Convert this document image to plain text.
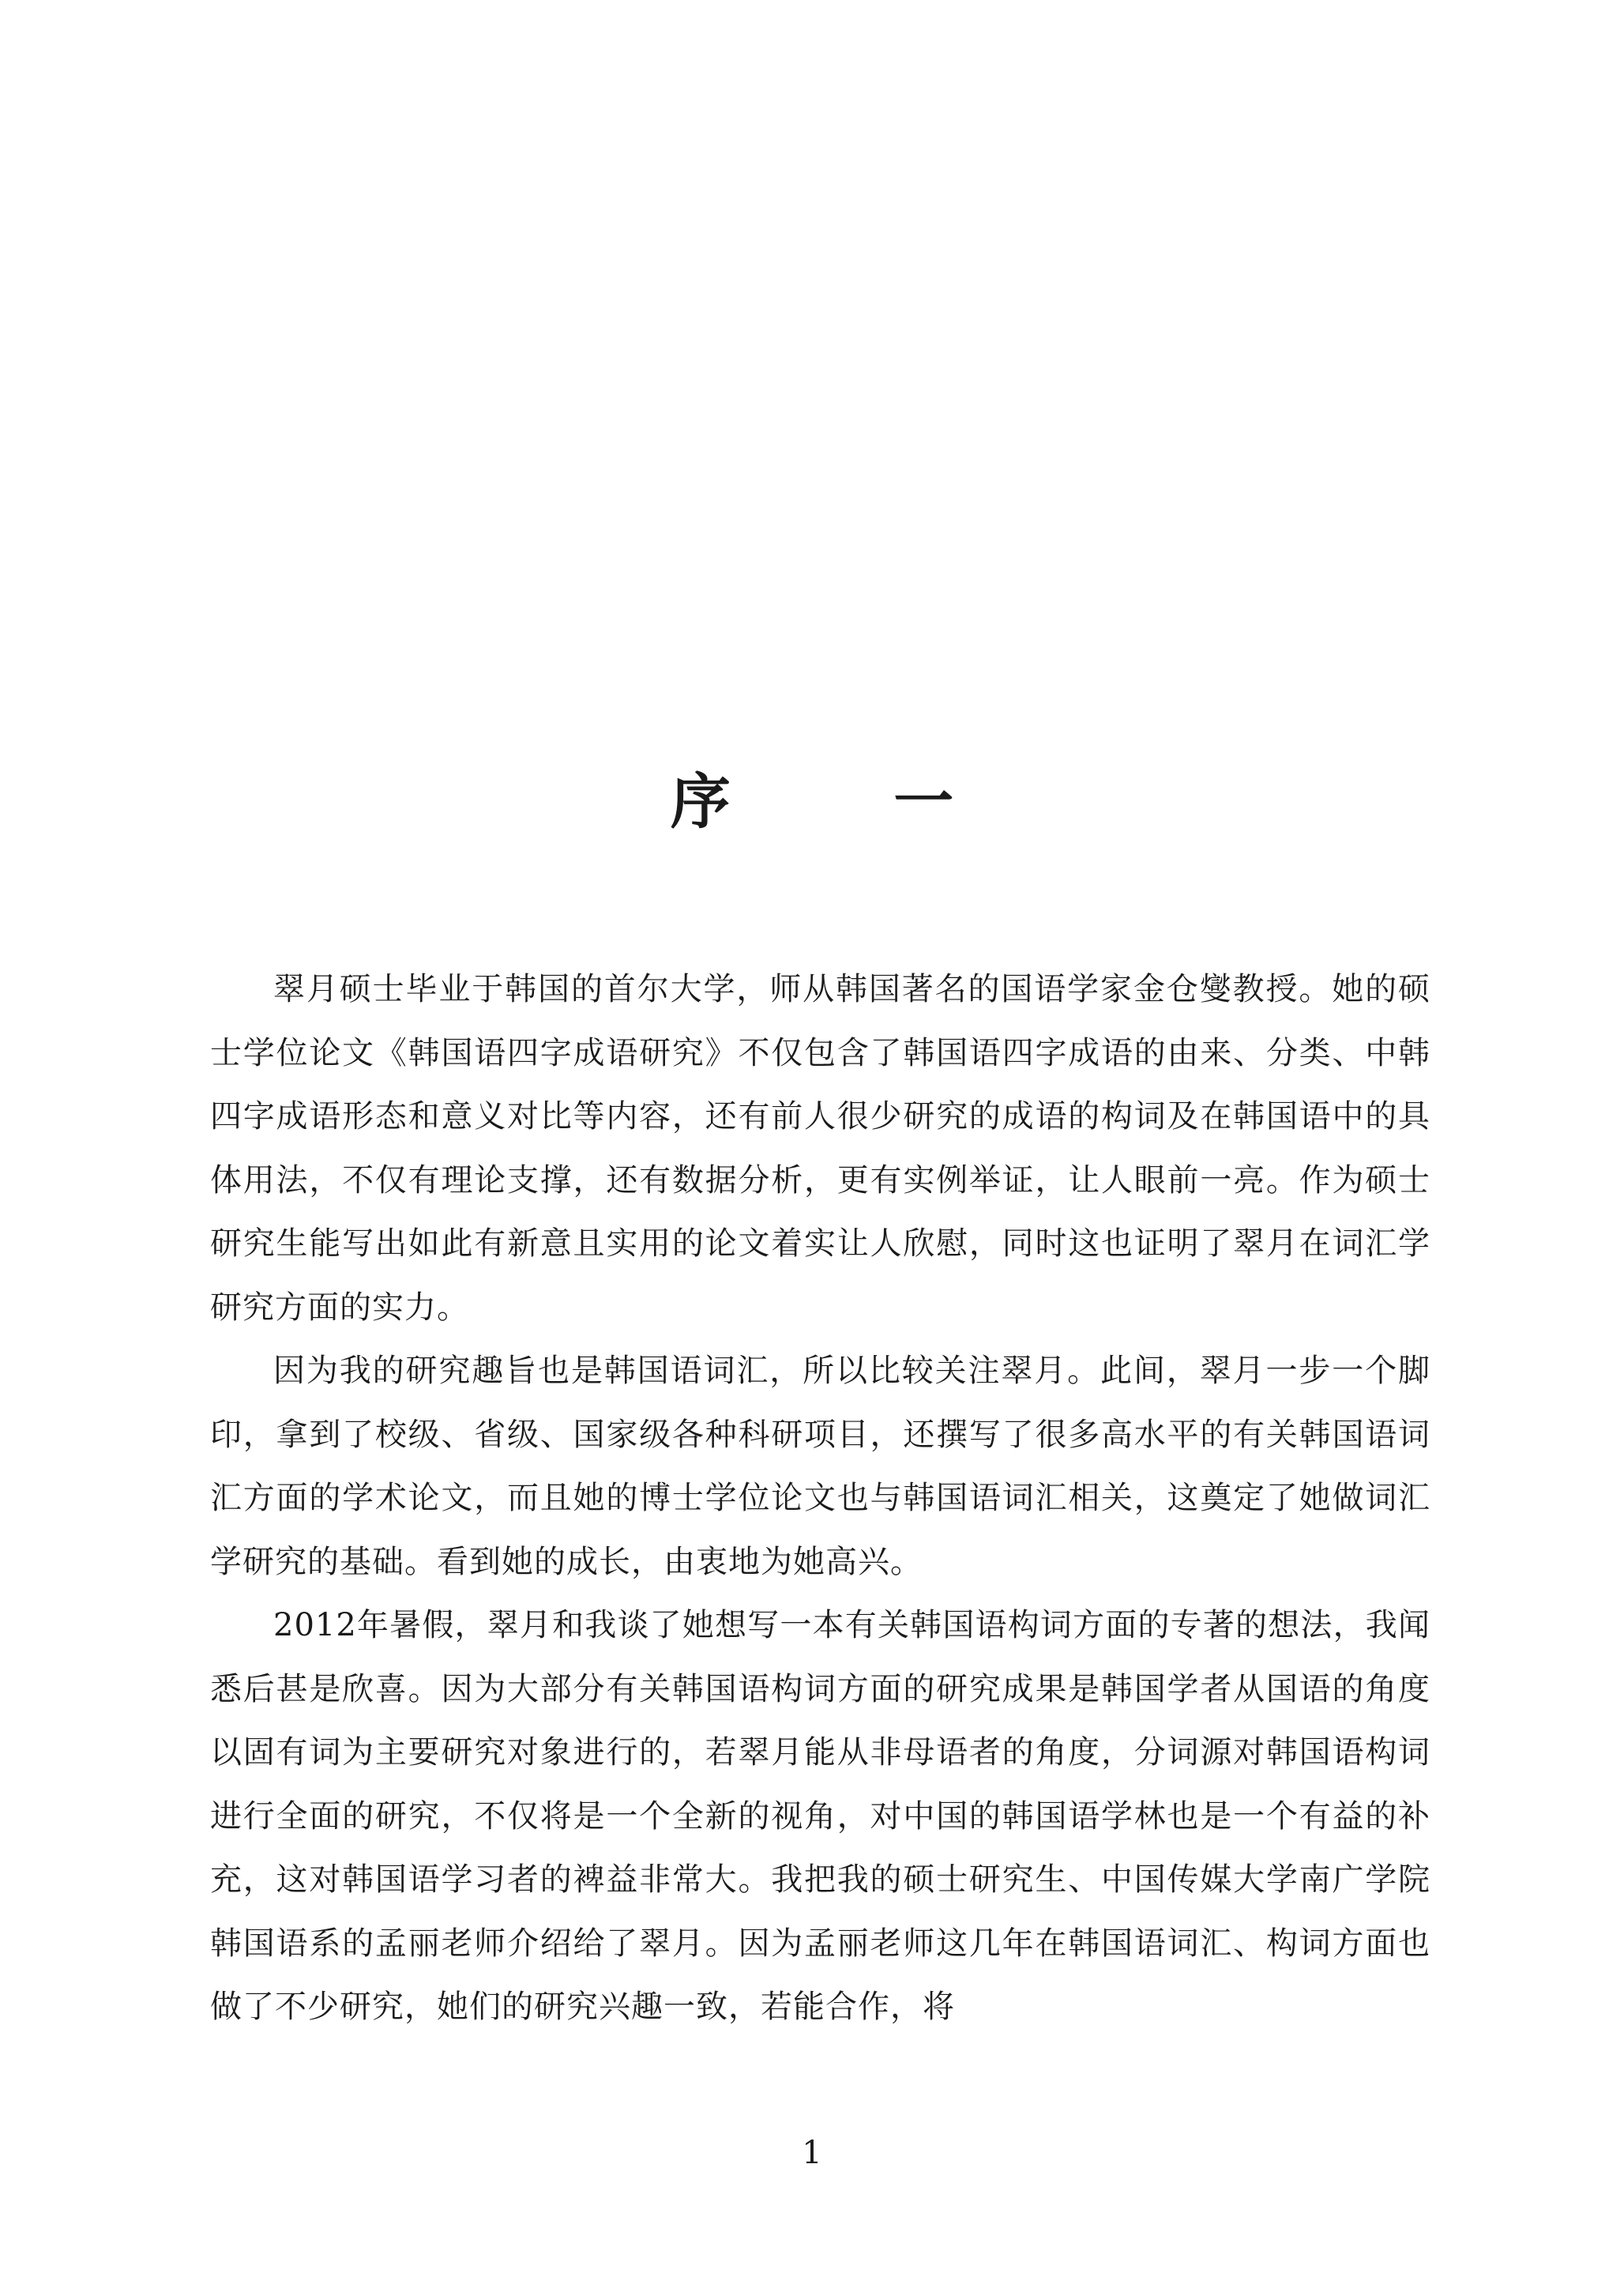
序 一

翠月硕士毕业于韩国的首尔大学，师从韩国著名的国语学家金仓燮教授。她的硕士学位论文《韩国语四字成语研究》不仅包含了韩国语四字成语的由来、分类、中韩四字成语形态和意义对比等内容，还有前人很少研究的成语的构词及在韩国语中的具体用法，不仅有理论支撑，还有数据分析，更有实例举证，让人眼前一亮。作为硕士研究生能写出如此有新意且实用的论文着实让人欣慰，同时这也证明了翠月在词汇学研究方面的实力。

因为我的研究趣旨也是韩国语词汇，所以比较关注翠月。此间，翠月一步一个脚印，拿到了校级、省级、国家级各种科研项目，还撰写了很多高水平的有关韩国语词汇方面的学术论文，而且她的博士学位论文也与韩国语词汇相关，这奠定了她做词汇学研究的基础。看到她的成长，由衷地为她高兴。

2012年暑假，翠月和我谈了她想写一本有关韩国语构词方面的专著的想法，我闻悉后甚是欣喜。因为大部分有关韩国语构词方面的研究成果是韩国学者从国语的角度以固有词为主要研究对象进行的，若翠月能从非母语者的角度，分词源对韩国语构词进行全面的研究，不仅将是一个全新的视角，对中国的韩国语学林也是一个有益的补充，这对韩国语学习者的裨益非常大。我把我的硕士研究生、中国传媒大学南广学院韩国语系的孟丽老师介绍给了翠月。因为孟丽老师这几年在韩国语词汇、构词方面也做了不少研究，她们的研究兴趣一致，若能合作，将

1
